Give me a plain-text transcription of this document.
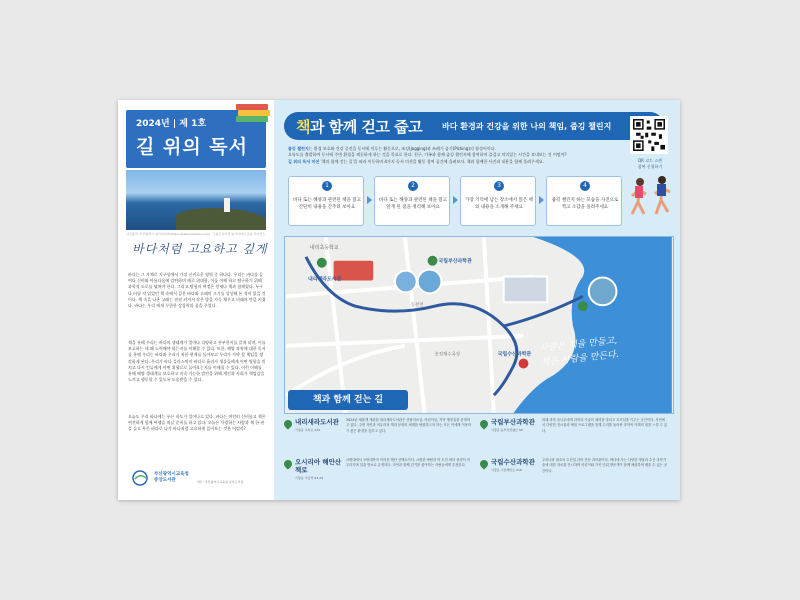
2024년 | 제 1호
길 위의 독서
사진출처: 부산광역시 위키미디어(https://www.wikiwho.com) · 오륙도이미지 위키미디어 공용 라이선스
바다처럼 고요하고 깊게
바다는 그 자체로 지구상에서 가장 신비로운 영역 중 하나다. 우리는 바다를 들여다 신비와 아름다움에 감탄하며 때로 위대함, 이를 이해 하고 탐구하기 위해 과학적 도로를 펼쳐야 한다. 그리고 탐험의 여정은 언제나 책과 함께였다. 누구나 어릴 적 읽었던 책 속에서 깊은 바다와 고래의 크기를 상상해 본 적이 있을 것이다. 책 속을 나온 고래는 점점 커져서 작은 방을 가득 채우고 미래의 만큼 커졌다. 바다는 우리 에게 무한한 상상력과 꿈을 주었다.
책을 통해 우리는 바다의 생태계가 얼마나 다양하고 풍부한지를 알게 되며, 이를 보호하는 데 왜 노력해야 하는지를 이해할 수 있다. 또한, 해양 과학에 대한 독서를 통해 우리는 바다와 우리가 처한 현재를 돌아보고 우리가 가야 할 책임을 생각하게 된다. 우리가 바다 플라스틱이 바다로 흘러가 생물들에게 어떤 영향을 미치고 다시 인류에게 어떤 위협으로 돌아오는지를 이해할 수 있다. 이런 이해를 통해 해양 생태계를 보호하고 지속 가능한 발전을 위해 개인과 사회가 책임감을 느끼고 행동할 수 있도록 도움받을 수 있다.
오늘도 우리 바다에는 푸른 파도가 일어나고 있다. 바다는 여전히 신비롭고 책은 여전하게 함께 여행을 떠날 준비를 하고 있다. 오늘은 사랑하는 사람과 책 한 권을 들고 푸른 바다로 나가 바다처럼 고요하게 읽어보는 것은 어떨까?
부산광역시교육청
중앙도서관	기획 : 부산광역시교육청 중앙도서관
책과 함께 걷고 줍고 바다 환경과 건강을 위한 나의 책임, 줍깅 챌린지
QR 코드 스캔
참여 신청하기
줍깅 챌린지는 환경 보호와 건강 증진을 동시에 이루는 활동으로, 조깅(Jogging)과 쓰레기 줍기(Picking)의 합성어이다.
오륙도를 출발하여 동시에 주변 환경을 깨끗하게 하는 것을 목표로 한다. 친구, 가족과 함께 줍깅 챌린지에 참여하며 즐겁고 의미있는 시간을 보내보는 건 어떨까?
길 위의 독서 미션 '책과 함께 걷는 길'을 따라 이동하며 4가지 독서 미션을 활동 참여 공간에 올려보자. 책과 함께한 사진과 내용을 함께 올려주세요.
1
바다 또는 해양과 관련된 책을 읽고 간단히 내용을 간추려 보아요
2
바다 또는 해양과 관련된 책을 읽고 앞게 된 점을 정리해 보아요
3
가장 기억에 남는 장소에서 읽은 책의 내용을 소개해 주세요
4
줍깅 챌린지 하는 모습을 사진으로 찍고 소감을 올려주세요
내리초등학교
내리새라도서관
국립부산과학관
동천천
국립수산과학관
송정해수욕장
책과 함께 걷는 길
사람은 책을 만들고,
책은 사람을 만든다.
내리새라도서관
기장읍 교리로 123
2024년 새롭게 개관한 내리새라도서관은 종합자료실, 어린이실, 지역 행정실을 운영하고 있다. 주변 자연과 어우러져 책과 문화의 세계를 탐험하고자 하는 모든 이에게 이용하기 좋은 환경을 갖추고 있다.
국립부산과학관
기장읍 동부산관광로 59
미래 과학 꿈나무에게 과학과 기술의 매력을 알리고 호기심을 키우는 공간이다. 자연에서 다양한 전시물과 체험 프로그램을 통해 우리를 둘러싼 과학적 이해의 힘을 느낄 수 있다.
오시리아 해안산책로
기장읍 시랑리 63-23
시랑대에서 오랑대까지 이어진 해안 산책로이다. 시원한 바람과 탁 트인 바다 풍경이 어우러지며 일출 명소로 유명하다. 자연과 함께 걷기를 좋아하는 사람들에게 추천한다.	국립수산과학관
기장읍 기장해안로 216
우리나라 최초의 수산업 과학 전문 과학관이다. 바다에 사는 다양한 생물과 수산 과학기술에 대한 자료를 전시하며 어린이와 가족 단위 방문객이 함께 체험하며 배울 수 있는 공간이다.
